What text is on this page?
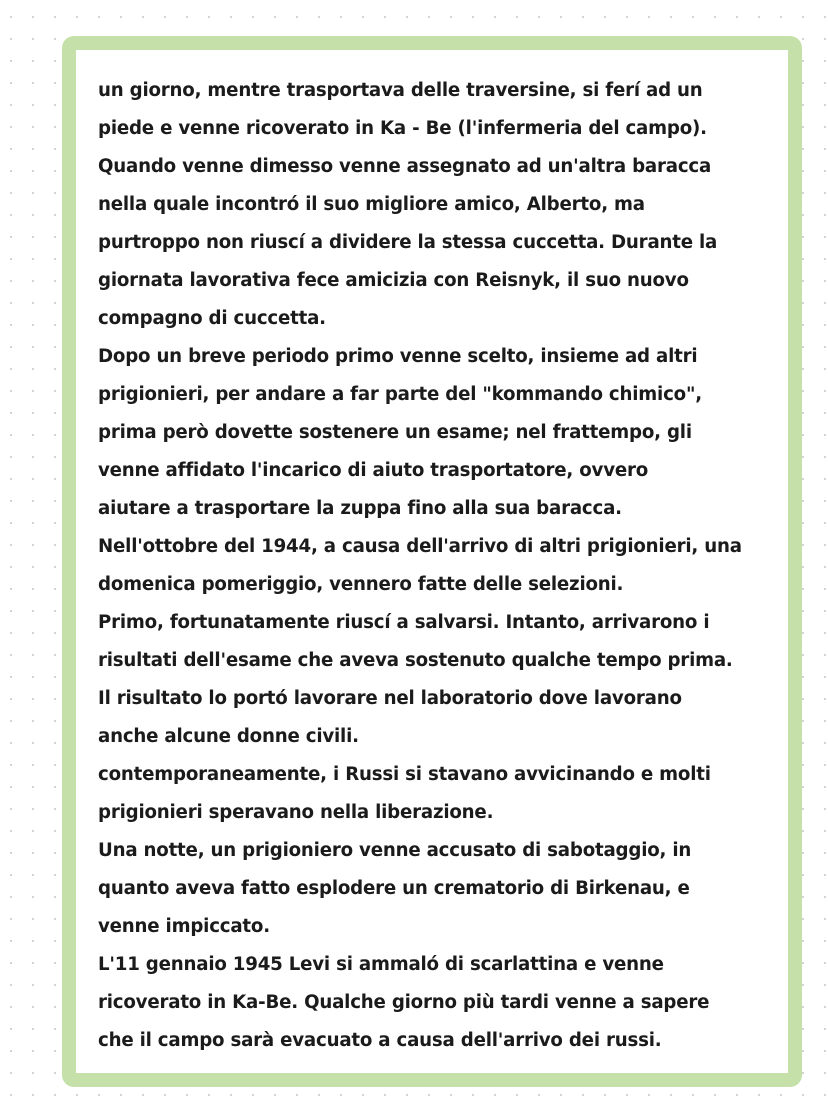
un giorno, mentre trasportava delle traversine, si ferí ad un
piede e venne ricoverato in Ka - Be (l'infermeria del campo).
Quando venne dimesso venne assegnato ad un'altra baracca
nella quale incontró il suo migliore amico, Alberto, ma
purtroppo non riuscí a dividere la stessa cuccetta. Durante la
giornata lavorativa fece amicizia con Reisnyk, il suo nuovo
compagno di cuccetta.
Dopo un breve periodo primo venne scelto, insieme ad altri
prigionieri, per andare a far parte del "kommando chimico",
prima però dovette sostenere un esame; nel frattempo, gli
venne affidato l'incarico di aiuto trasportatore, ovvero
aiutare a trasportare la zuppa fino alla sua baracca.
Nell'ottobre del 1944, a causa dell'arrivo di altri prigionieri, una
domenica pomeriggio, vennero fatte delle selezioni.
Primo, fortunatamente riuscí a salvarsi. Intanto, arrivarono i
risultati dell'esame che aveva sostenuto qualche tempo prima.
Il risultato lo portó lavorare nel laboratorio dove lavorano
anche alcune donne civili.
contemporaneamente, i Russi si stavano avvicinando e molti
prigionieri speravano nella liberazione.
Una notte, un prigioniero venne accusato di sabotaggio, in
quanto aveva fatto esplodere un crematorio di Birkenau, e
venne impiccato.
L'11 gennaio 1945 Levi si ammaló di scarlattina e venne
ricoverato in Ka-Be. Qualche giorno più tardi venne a sapere
che il campo sarà evacuato a causa dell'arrivo dei russi.
